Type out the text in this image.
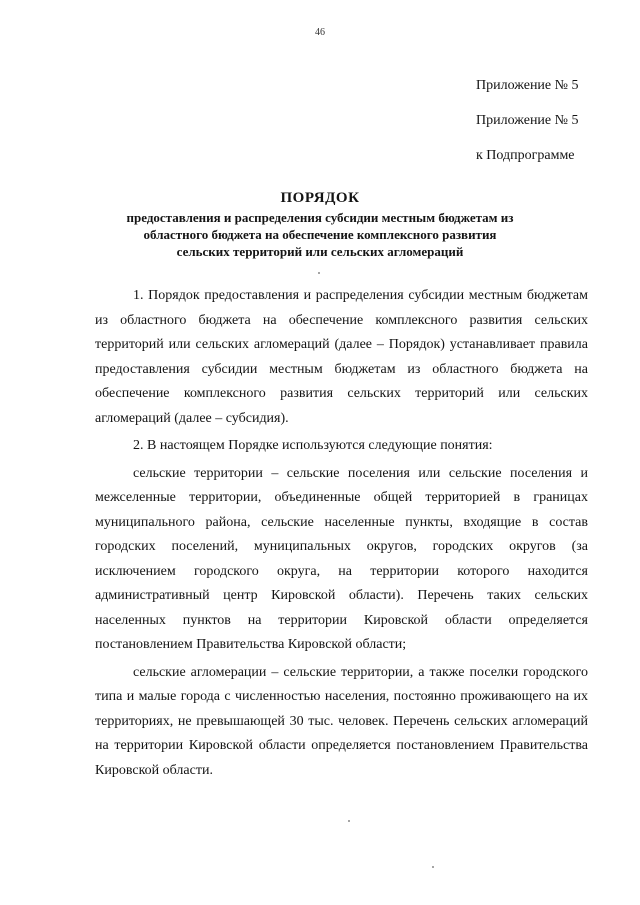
46
Приложение № 5
Приложение № 5
к Подпрограмме
ПОРЯДОК
предоставления и распределения субсидии местным бюджетам из областного бюджета на обеспечение комплексного развития сельских территорий или сельских агломераций

1. Порядок предоставления и распределения субсидии местным бюджетам из областного бюджета на обеспечение комплексного развития сельских территорий или сельских агломераций (далее – Порядок) устанавливает правила предоставления субсидии местным бюджетам из областного бюджета на обеспечение комплексного развития сельских территорий или сельских агломераций (далее – субсидия).

2. В настоящем Порядке используются следующие понятия:

сельские территории – сельские поселения или сельские поселения и межселенные территории, объединенные общей территорией в границах муниципального района, сельские населенные пункты, входящие в состав городских поселений, муниципальных округов, городских округов (за исключением городского округа, на территории которого находится административный центр Кировской области). Перечень таких сельских населенных пунктов на территории Кировской области определяется постановлением Правительства Кировской области;

сельские агломерации – сельские территории, а также поселки городского типа и малые города с численностью населения, постоянно проживающего на их территориях, не превышающей 30 тыс. человек. Перечень сельских агломераций на территории Кировской области определяется постановлением Правительства Кировской области.
